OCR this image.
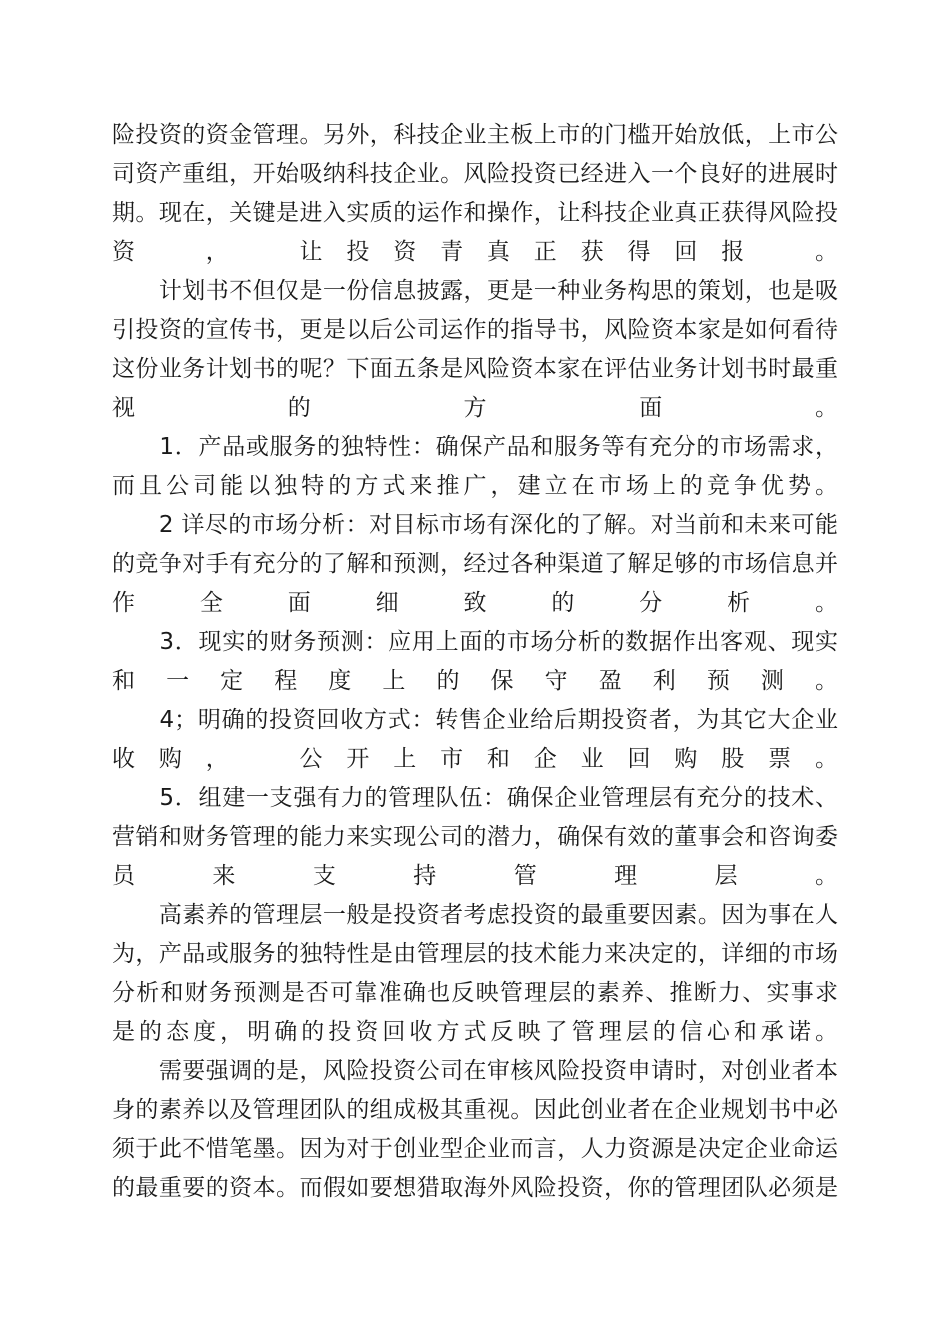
险投资的资金管理。另外，科技企业主板上市的门槛开始放低，上市公
司资产重组，开始吸纳科技企业。风险投资已经进入一个良好的进展时
期。现在，关键是进入实质的运作和操作，让科技企业真正获得风险投
资 　 ， 　 让 投 资 青 真 正 获 得 回 报 　 。
　　计划书不但仅是一份信息披露，更是一种业务构思的策划，也是吸
引投资的宣传书，更是以后公司运作的指导书，风险资本家是如何看待
这份业务计划书的呢？下面五条是风险资本家在评估业务计划书时最重
视 的 方 面 。
　　1．产品或服务的独特性：确保产品和服务等有充分的市场需求，
而且公司能以独特的方式来推广，建立在市场上的竞争优势。
　　2 详尽的市场分析：对目标市场有深化的了解。对当前和未来可能
的竞争对手有充分的了解和预测，经过各种渠道了解足够的市场信息并
作 全 面 细 致 的 分 析 。
　　3．现实的财务预测：应用上面的市场分析的数据作出客观、现实
和 一 定 程 度 上 的 保 守 盈 利 预 测 。
　　4；明确的投资回收方式：转售企业给后期投资者，为其它大企业
收 购 ， 　 公 开 上 市 和 企 业 回 购 股 票 。
　　5．组建一支强有力的管理队伍：确保企业管理层有充分的技术、
营销和财务管理的能力来实现公司的潜力，确保有效的董事会和咨询委
员 来 支 持 管 理 层 。
　　高素养的管理层一般是投资者考虑投资的最重要因素。因为事在人
为，产品或服务的独特性是由管理层的技术能力来决定的，详细的市场
分析和财务预测是否可靠准确也反映管理层的素养、推断力、实事求
是的态度，明确的投资回收方式反映了管理层的信心和承诺。
　　需要强调的是，风险投资公司在审核风险投资申请时，对创业者本
身的素养以及管理团队的组成极其重视。因此创业者在企业规划书中必
须于此不惜笔墨。因为对于创业型企业而言，人力资源是决定企业命运
的最重要的资本。而假如要想猎取海外风险投资，你的管理团队必须是
